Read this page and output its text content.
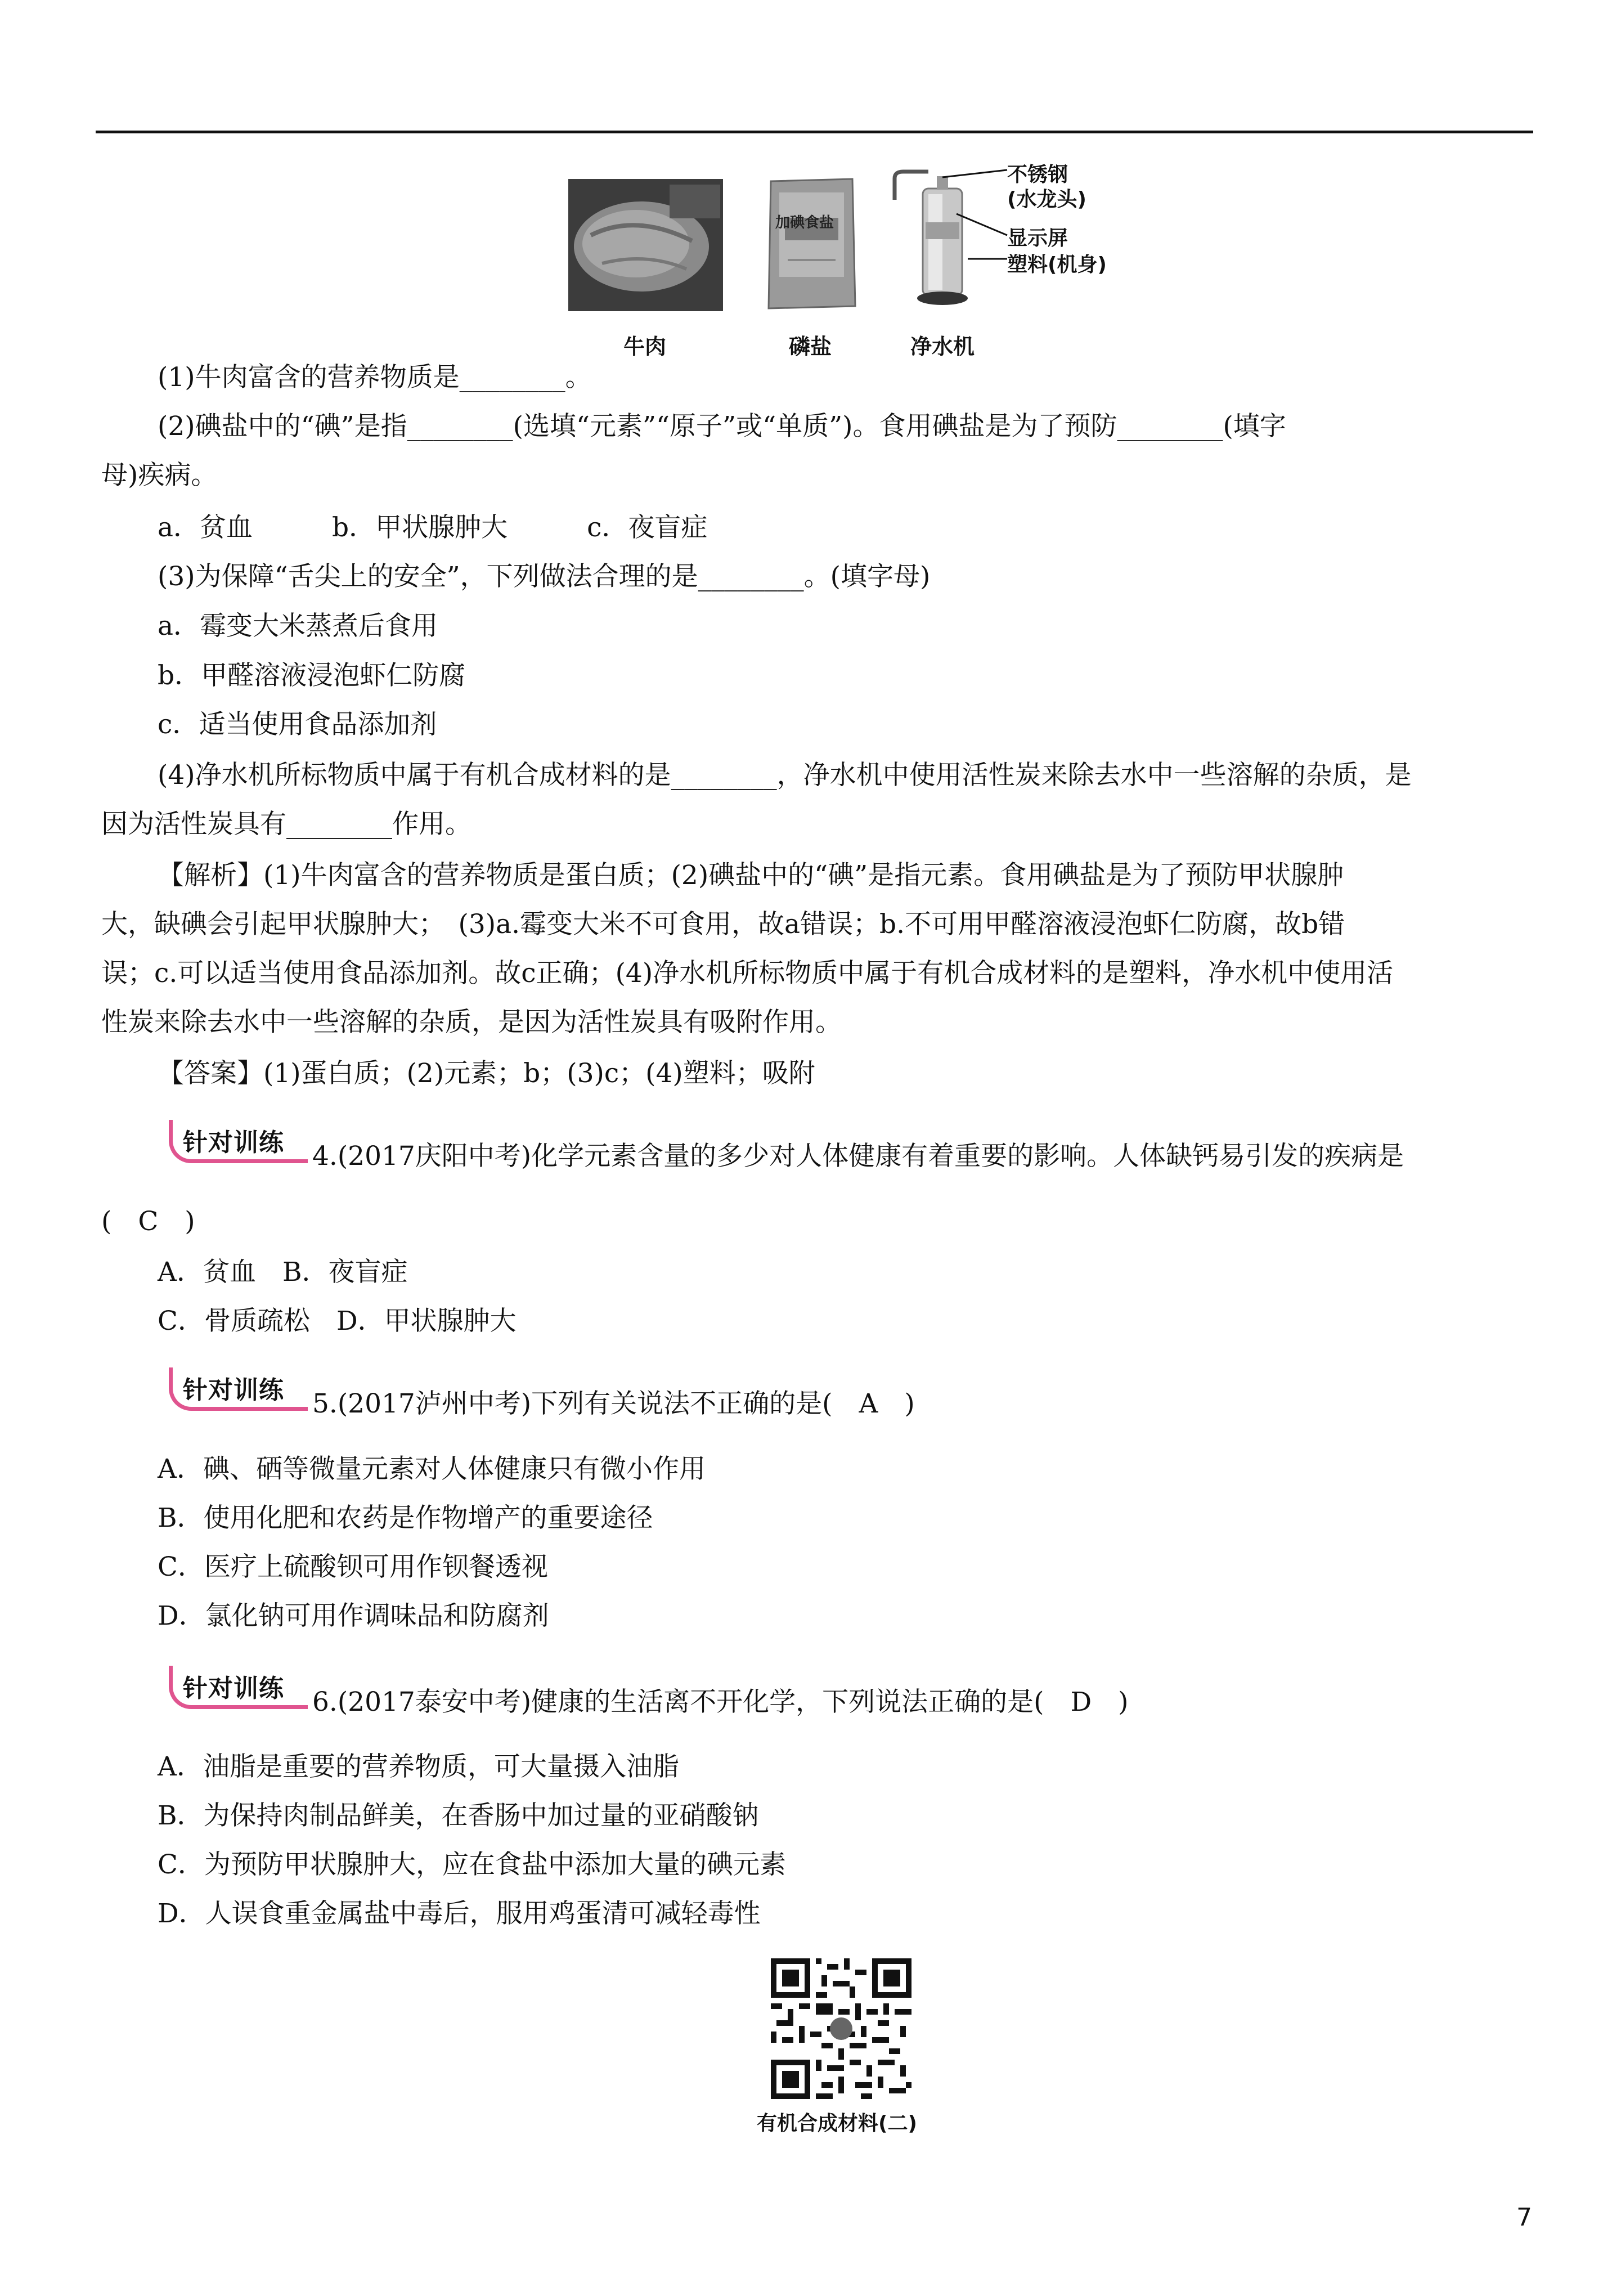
牛肉
加碘食盐
磷盐
不锈钢
(水龙头)
显示屏
塑料(机身)
净水机
(1)牛肉富含的营养物质是________。
(2)碘盐中的“碘”是指________(选填“元素”“原子”或“单质”)。食用碘盐是为了预防________(填字
母)疾病。
a．贫血　　　b．甲状腺肿大　　　c．夜盲症
(3)为保障“舌尖上的安全”，下列做法合理的是________。(填字母)
a．霉变大米蒸煮后食用
b．甲醛溶液浸泡虾仁防腐
c．适当使用食品添加剂
(4)净水机所标物质中属于有机合成材料的是________，净水机中使用活性炭来除去水中一些溶解的杂质，是
因为活性炭具有________作用。
【解析】(1)牛肉富含的营养物质是蛋白质；(2)碘盐中的“碘”是指元素。食用碘盐是为了预防甲状腺肿
大，缺碘会引起甲状腺肿大；　(3)a.霉变大米不可食用，故a错误；b.不可用甲醛溶液浸泡虾仁防腐，故b错
误；c.可以适当使用食品添加剂。故c正确；(4)净水机所标物质中属于有机合成材料的是塑料，净水机中使用活
性炭来除去水中一些溶解的杂质，是因为活性炭具有吸附作用。
【答案】(1)蛋白质；(2)元素；b；(3)c；(4)塑料；吸附
针对训练 4.(2017庆阳中考)化学元素含量的多少对人体健康有着重要的影响。人体缺钙易引发的疾病是
(　C　)
A．贫血　B．夜盲症
C．骨质疏松　D．甲状腺肿大
针对训练 5.(2017泸州中考)下列有关说法不正确的是(　A　)
A．碘、硒等微量元素对人体健康只有微小作用
B．使用化肥和农药是作物增产的重要途径
C．医疗上硫酸钡可用作钡餐透视
D．氯化钠可用作调味品和防腐剂
针对训练 6.(2017泰安中考)健康的生活离不开化学，下列说法正确的是(　D　)
A．油脂是重要的营养物质，可大量摄入油脂
B．为保持肉制品鲜美，在香肠中加过量的亚硝酸钠
C．为预防甲状腺肿大，应在食盐中添加大量的碘元素
D．人误食重金属盐中毒后，服用鸡蛋清可减轻毒性
有机合成材料(二)
7
